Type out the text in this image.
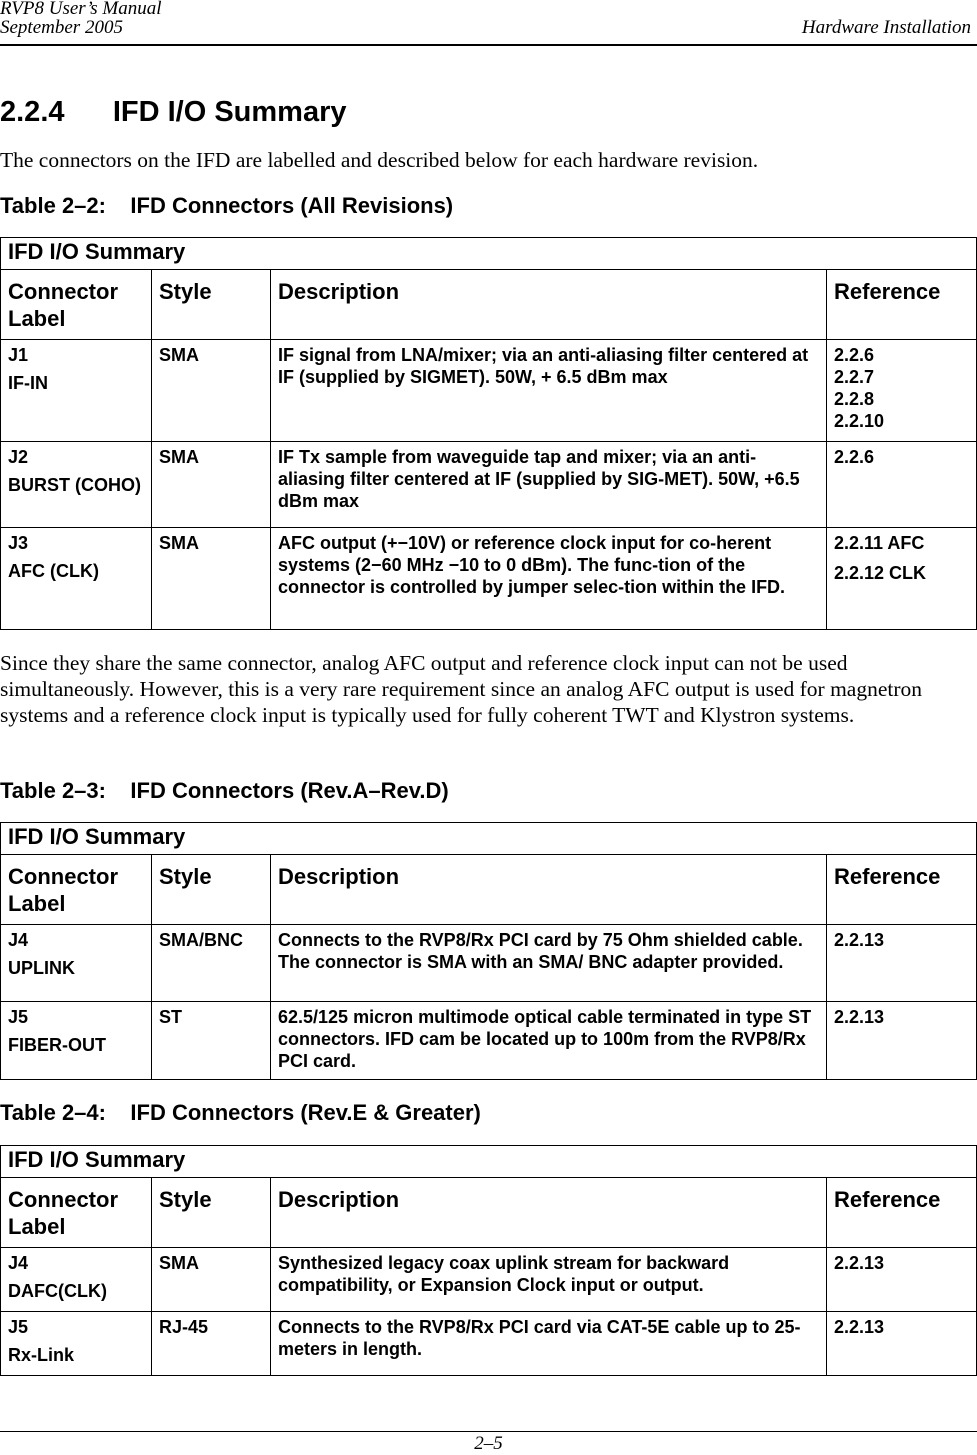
RVP8 User’s Manual
September 2005	Hardware Installation
2.2.4      IFD I/O Summary
The connectors on the IFD are labelled and described below for each hardware revision.
Table 2–2:    IFD Connectors (All Revisions)
IFD I/O Summary			
Connector Label	Style	Description	Reference

J1
IF-IN	SMA	IF signal from LNA/mixer; via an anti-aliasing filter centered at IF (supplied by SIGMET). 50W, + 6.5 dBm max	2.2.6
2.2.7
2.2.8
2.2.10

J2
BURST (COHO)	SMA	IF Tx sample from waveguide tap and mixer; via an anti-aliasing filter centered at IF (supplied by SIG-MET). 50W, +6.5 dBm max	2.2.6

J3
AFC (CLK)	SMA	AFC output (+−10V) or reference clock input for co-herent systems (2−60 MHz −10 to 0 dBm). The func-tion of the connector is controlled by jumper selec-tion within the IFD.	2.2.11 AFC
2.2.12 CLK
Since they share the same connector, analog AFC output and reference clock input can not be used simultaneously. However, this is a very rare requirement since an analog AFC output is used for magnetron systems and a reference clock input is typically used for fully coherent TWT and Klystron systems.
Table 2–3:    IFD Connectors (Rev.A–Rev.D)
IFD I/O Summary			
Connector Label	Style	Description	Reference

J4
UPLINK	SMA/BNC	Connects to the RVP8/Rx PCI card by 75 Ohm shielded cable. The connector is SMA with an SMA/ BNC adapter provided.	2.2.13

J5
FIBER-OUT	ST	62.5/125 micron multimode optical cable terminated in type ST connectors. IFD cam be located up to 100m from the RVP8/Rx PCI card.	2.2.13
Table 2–4:    IFD Connectors (Rev.E & Greater)
IFD I/O Summary			
Connector Label	Style	Description	Reference

J4
DAFC(CLK)	SMA	Synthesized legacy coax uplink stream for backward compatibility, or Expansion Clock input or output.	2.2.13

J5
Rx-Link	RJ-45	Connects to the RVP8/Rx PCI card via CAT-5E cable up to 25-meters in length.	2.2.13
2–5
